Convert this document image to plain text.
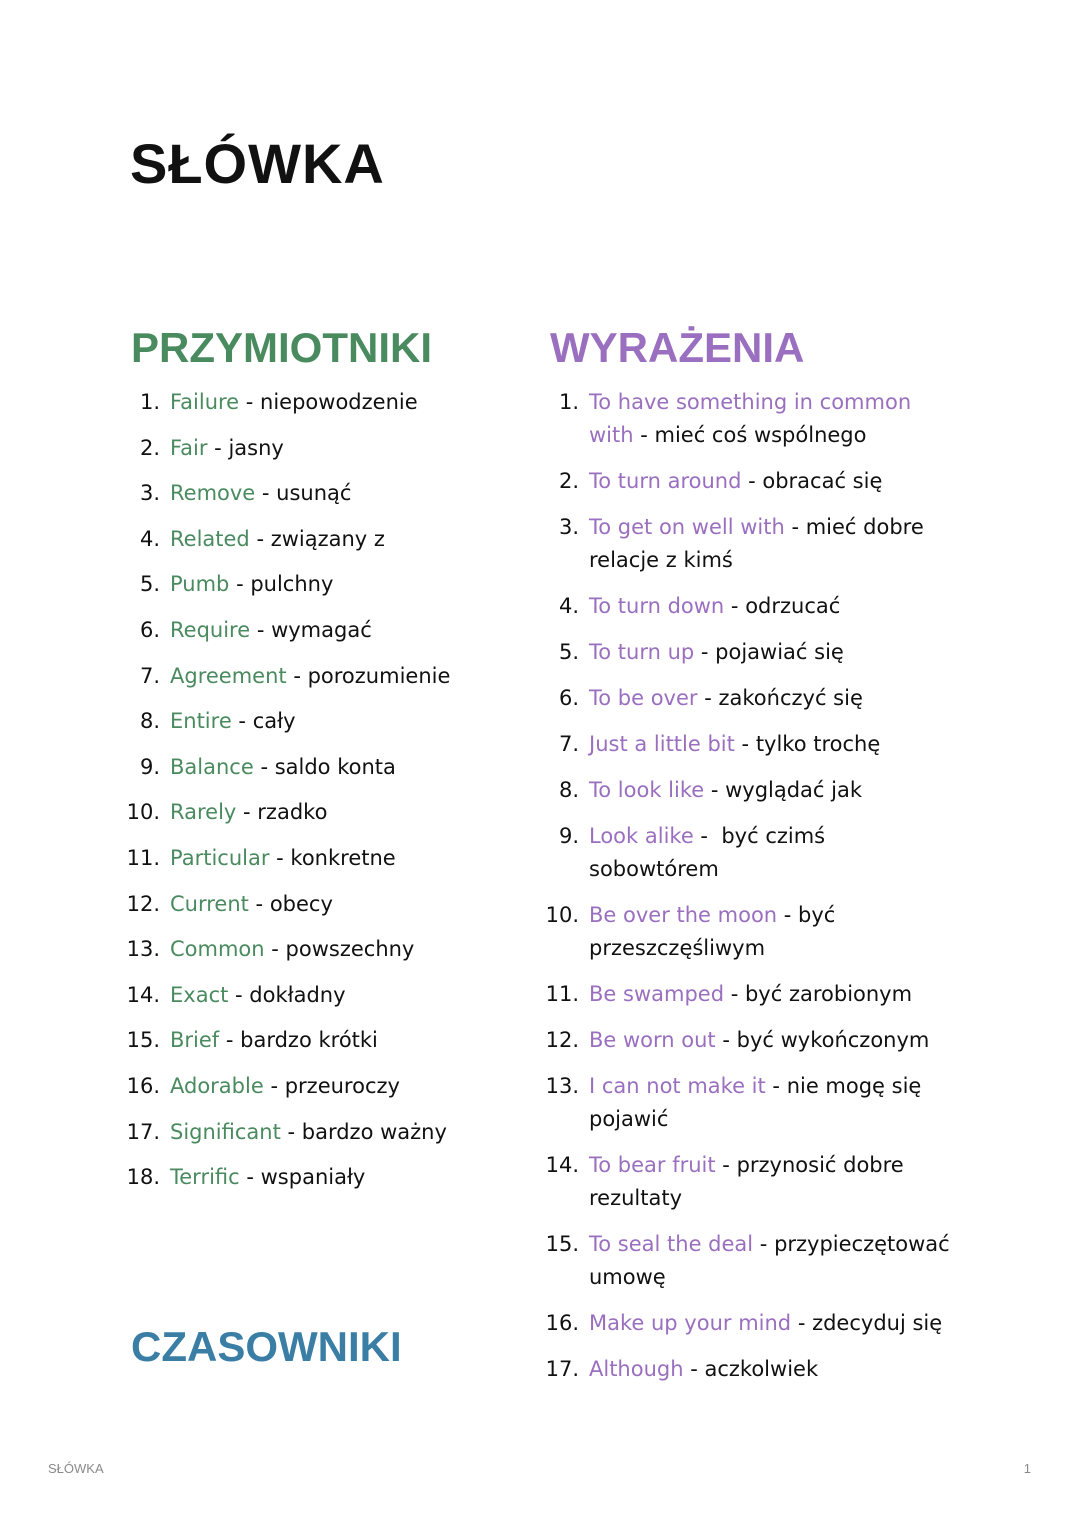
SŁÓWKA
PRZYMIOTNIKI
1. Failure - niepowodzenie
2. Fair - jasny
3. Remove - usunąć
4. Related - związany z
5. Pumb - pulchny
6. Require - wymagać
7. Agreement - porozumienie
8. Entire - cały
9. Balance - saldo konta
10. Rarely - rzadko
11. Particular - konkretne
12. Current - obecy
13. Common - powszechny
14. Exact - dokładny
15. Brief - bardzo krótki
16. Adorable - przeuroczy
17. Significant - bardzo ważny
18. Terrific - wspaniały
CZASOWNIKI
WYRAŻENIA
1. To have something in common with - mieć coś wspólnego
2. To turn around - obracać się
3. To get on well with - mieć dobre relacje z kimś
4. To turn down - odrzucać
5. To turn up - pojawiać się
6. To be over - zakończyć się
7. Just a little bit - tylko trochę
8. To look like - wyglądać jak
9. Look alike -  być czimś sobowtórem
10. Be over the moon - być przeszczęśliwym
11. Be swamped - być zarobionym
12. Be worn out - być wykończonym
13. I can not make it - nie mogę się pojawić
14. To bear fruit - przynosić dobre rezultaty
15. To seal the deal - przypieczętować umowę
16. Make up your mind - zdecyduj się
17. Although - aczkolwiek
SŁÓWKA	1
